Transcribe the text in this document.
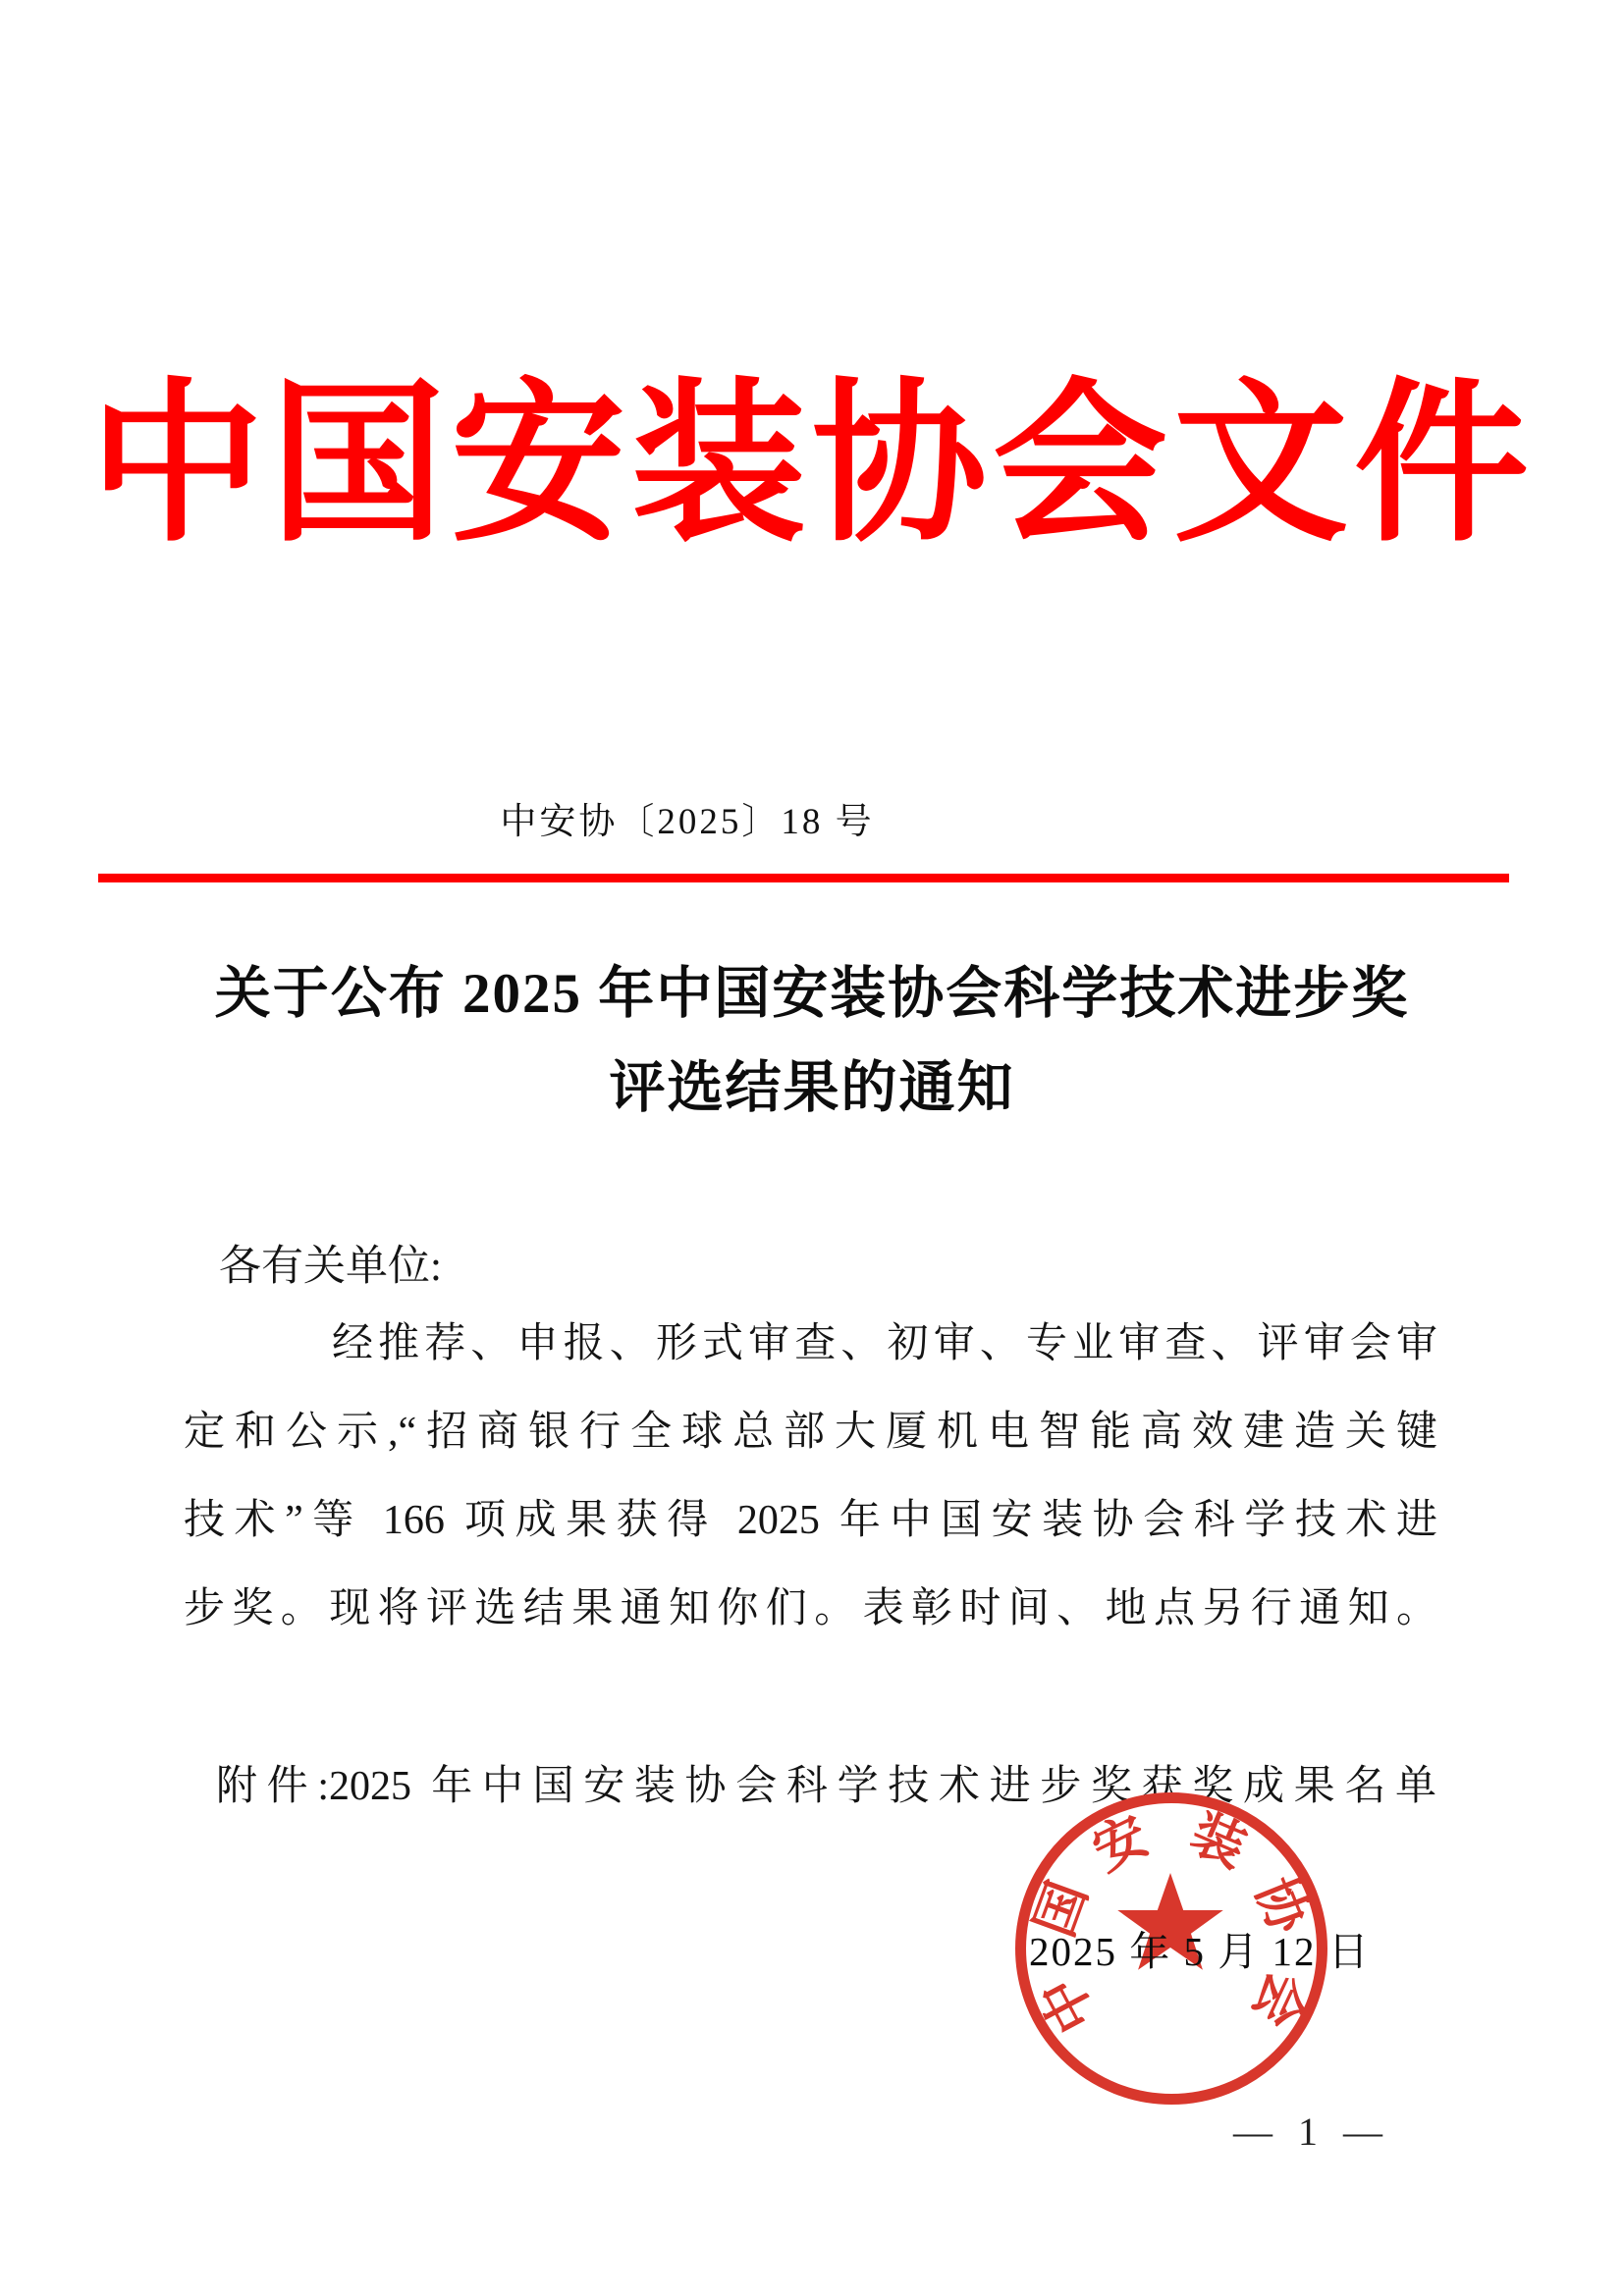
中国安装协会文件
中安协〔2025〕18 号
关于公布 2025 年中国安装协会科学技术进步奖
评选结果的通知
各有关单位:
经推荐、申报、形式审查、初审、专业审查、评审会审
定和公示,“招商银行全球总部大厦机电智能高效建造关键
技术”等 166 项成果获得 2025 年中国安装协会科学技术进
步奖。现将评选结果通知你们。表彰时间、地点另行通知。
附件:2025 年中国安装协会科学技术进步奖获奖成果名单
中
国
安 装
协
会
2025 年 5 月 12 日
— 1 —
